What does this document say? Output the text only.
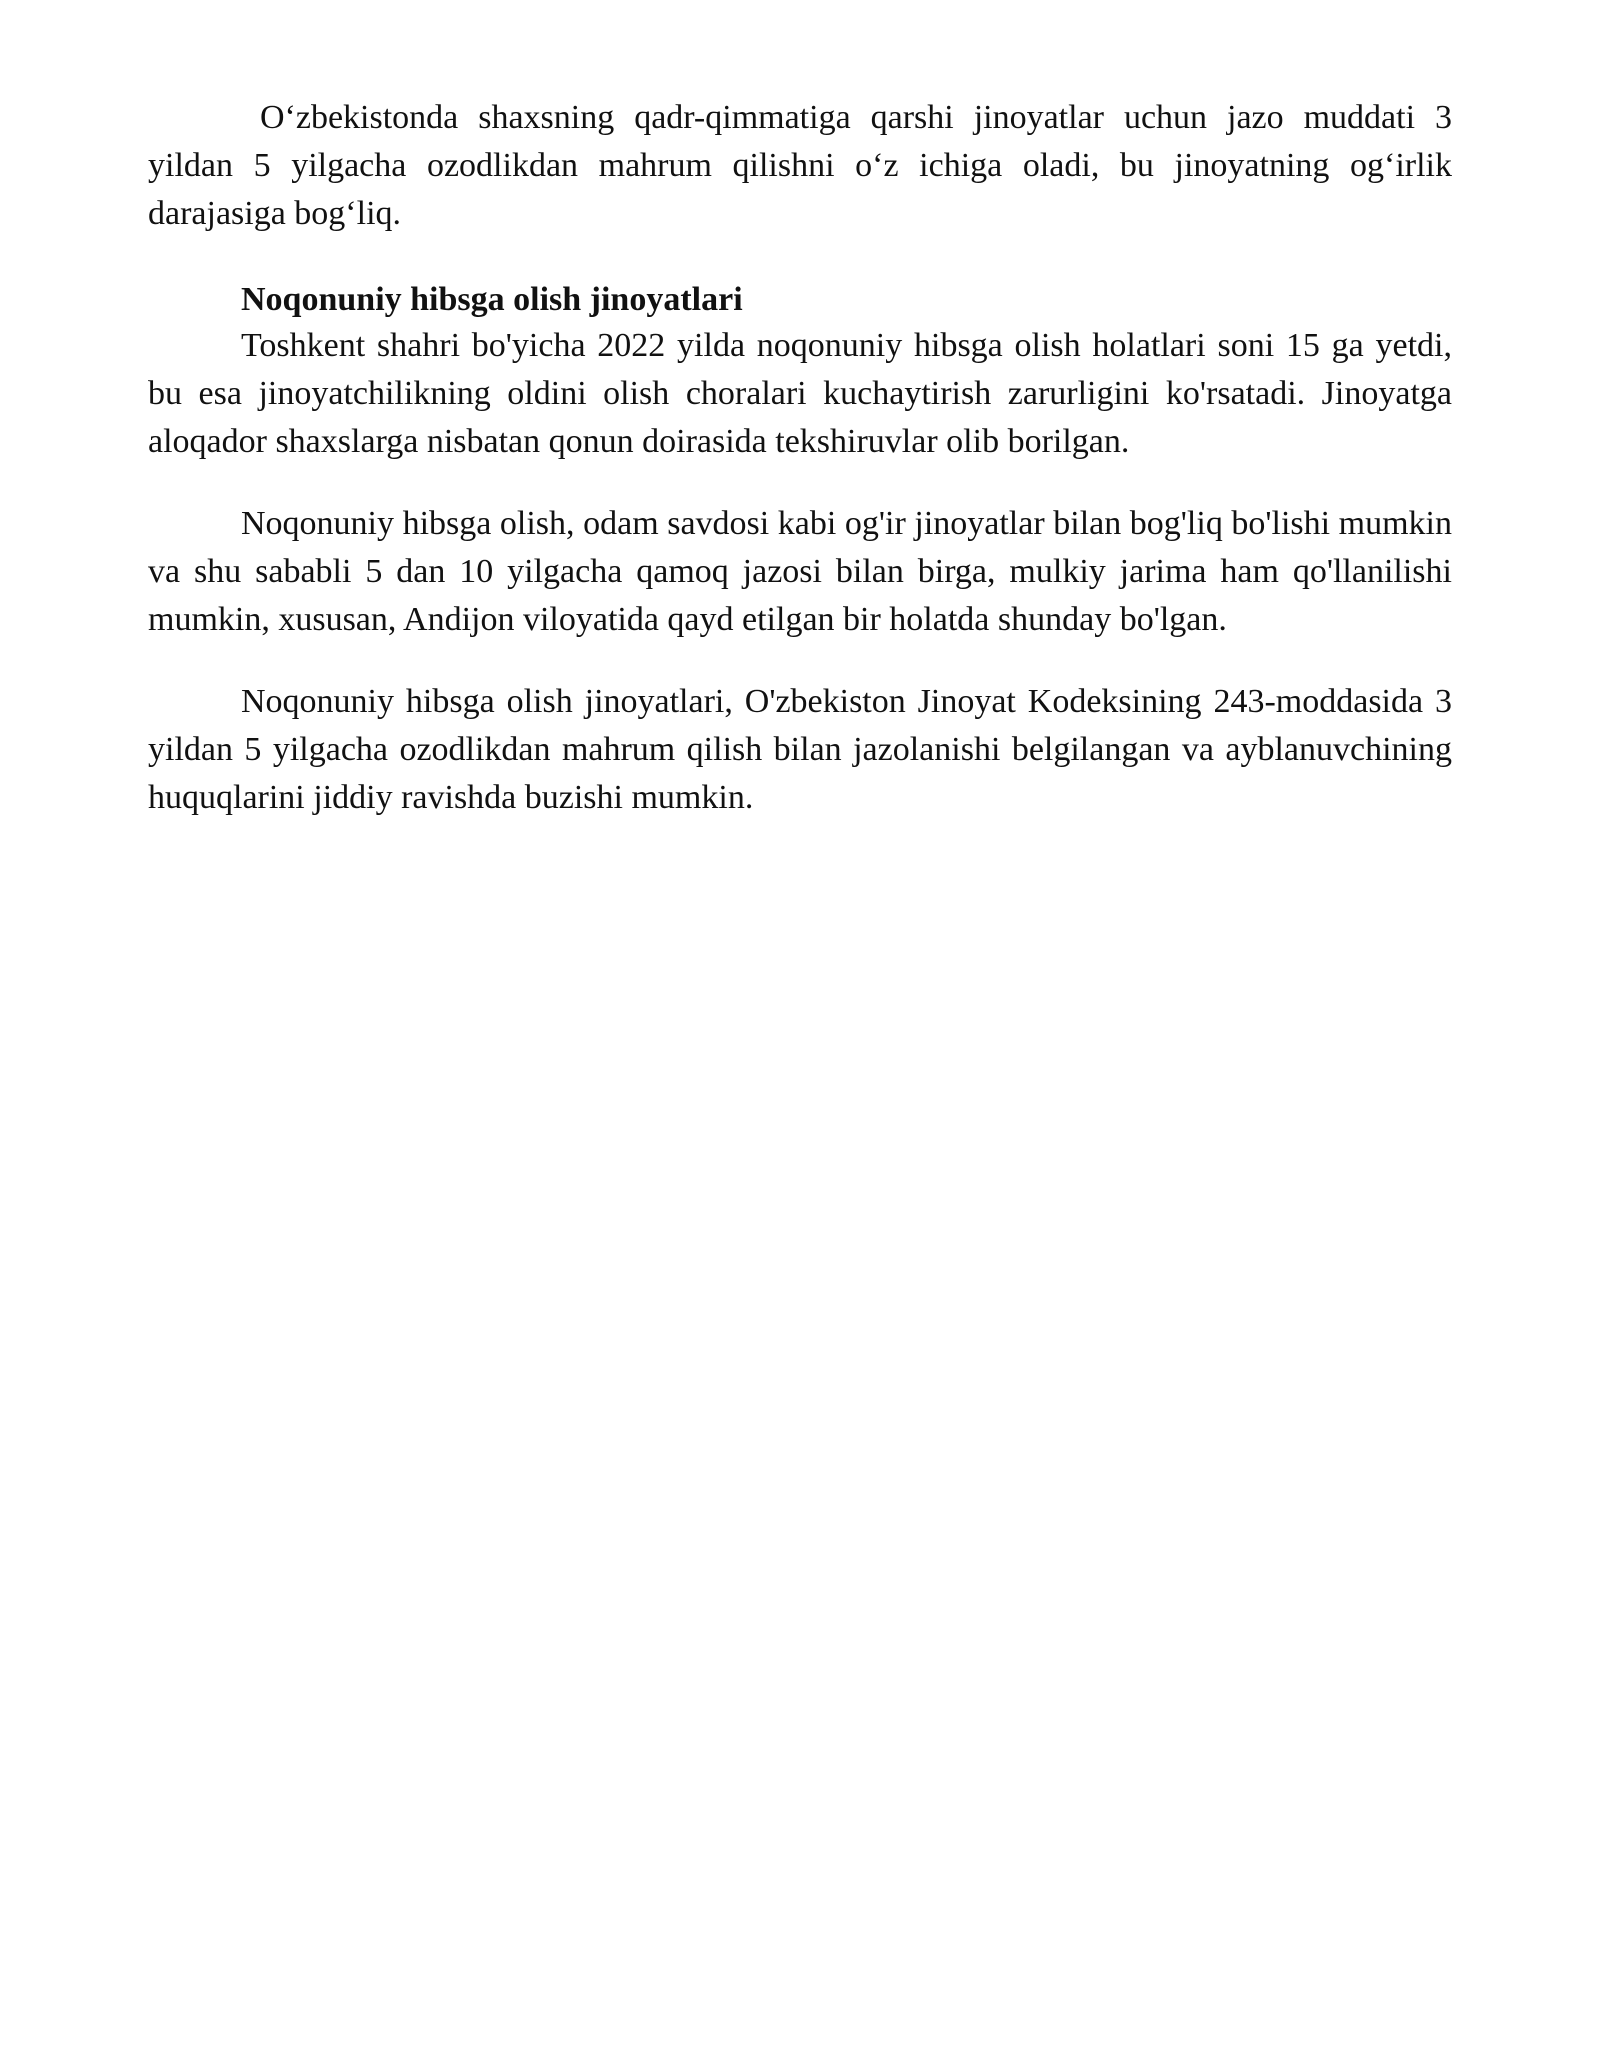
O‘zbekistonda shaxsning qadr-qimmatiga qarshi jinoyatlar uchun jazo muddati 3 yildan 5 yilgacha ozodlikdan mahrum qilishni o‘z ichiga oladi, bu jinoyatning og‘irlik darajasiga bog‘liq.

Noqonuniy hibsga olish jinoyatlari

Toshkent shahri bo'yicha 2022 yilda noqonuniy hibsga olish holatlari soni 15 ga yetdi, bu esa jinoyatchilikning oldini olish choralari kuchaytirish zarurligini ko'rsatadi. Jinoyatga aloqador shaxslarga nisbatan qonun doirasida tekshiruvlar olib borilgan.

Noqonuniy hibsga olish, odam savdosi kabi og'ir jinoyatlar bilan bog'liq bo'lishi mumkin va shu sababli 5 dan 10 yilgacha qamoq jazosi bilan birga, mulkiy jarima ham qo'llanilishi mumkin, xususan, Andijon viloyatida qayd etilgan bir holatda shunday bo'lgan.

Noqonuniy hibsga olish jinoyatlari, O'zbekiston Jinoyat Kodeksining 243-moddasida 3 yildan 5 yilgacha ozodlikdan mahrum qilish bilan jazolanishi belgilangan va ayblanuvchining huquqlarini jiddiy ravishda buzishi mumkin.
